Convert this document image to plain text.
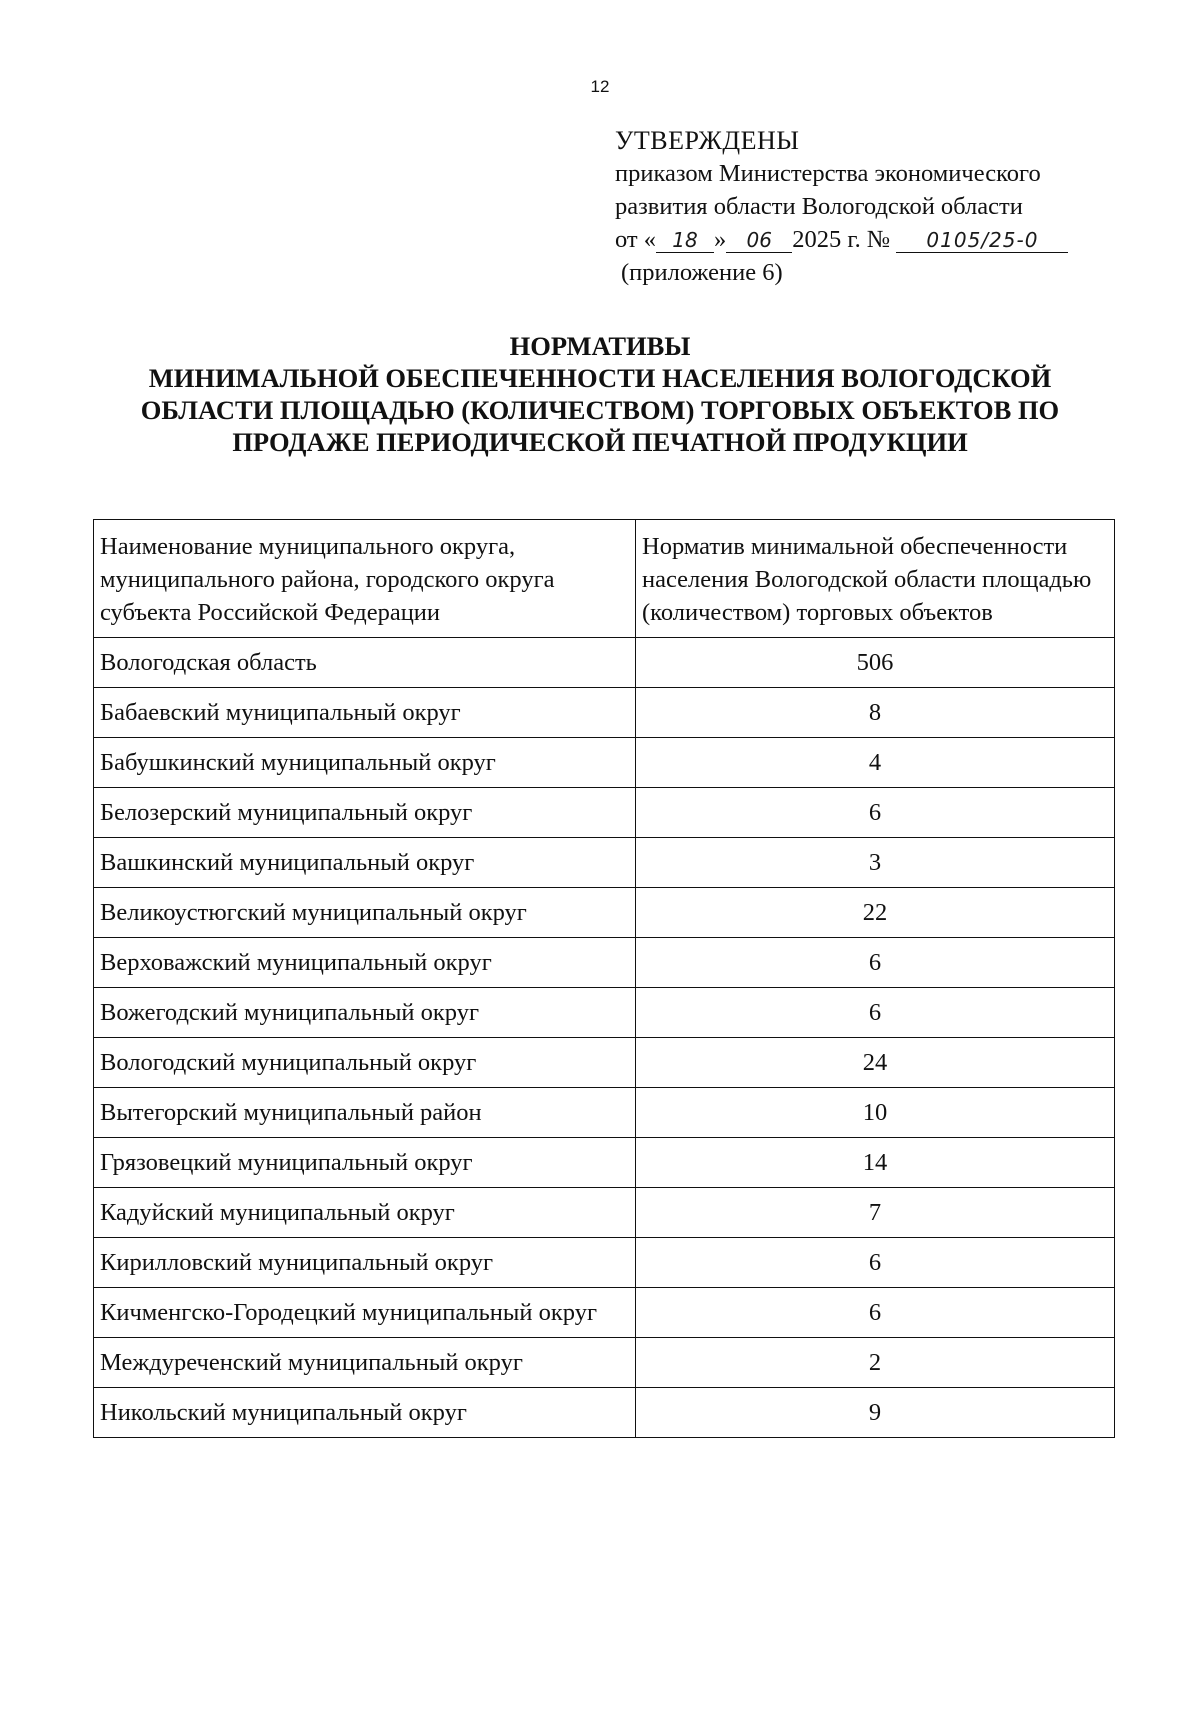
12
УТВЕРЖДЕНЫ
приказом Министерства экономического
развития области Вологодской области
от « 18 » 06 2025 г. № 0105/25-0
(приложение 6)
НОРМАТИВЫ
МИНИМАЛЬНОЙ ОБЕСПЕЧЕННОСТИ НАСЕЛЕНИЯ ВОЛОГОДСКОЙ
ОБЛАСТИ ПЛОЩАДЬЮ (КОЛИЧЕСТВОМ) ТОРГОВЫХ ОБЪЕКТОВ ПО
ПРОДАЖЕ ПЕРИОДИЧЕСКОЙ ПЕЧАТНОЙ ПРОДУКЦИИ
Наименование муниципального округа, муниципального района, городского округа субъекта Российской Федерации	Норматив минимальной обеспеченности населения Вологодской области площадью (количеством) торговых объектов
Вологодская область	506
Бабаевский муниципальный округ	8
Бабушкинский муниципальный округ	4
Белозерский муниципальный округ	6
Вашкинский муниципальный округ	3
Великоустюгский муниципальный округ	22
Верховажский муниципальный округ	6
Вожегодский муниципальный округ	6
Вологодский муниципальный округ	24
Вытегорский муниципальный район	10
Грязовецкий муниципальный округ	14
Кадуйский муниципальный округ	7
Кирилловский муниципальный округ	6
Кичменгско-Городецкий муниципальный округ	6
Междуреченский муниципальный округ	2
Никольский муниципальный округ	9
